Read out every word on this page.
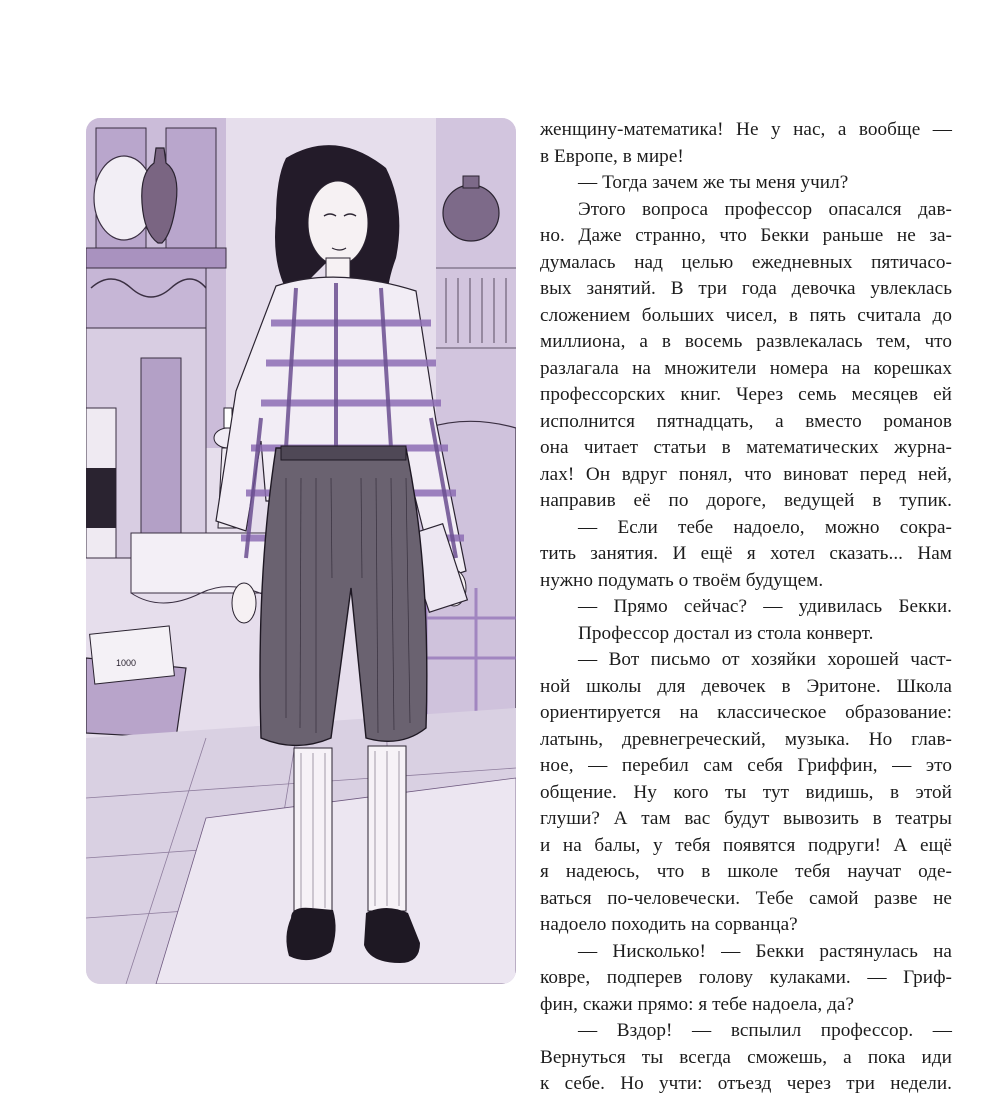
1000
женщину-математика! Не у нас, а вообще —
в Европе, в мире!
— Тогда зачем же ты меня учил?
Этого вопроса профессор опасался дав-
но. Даже странно, что Бекки раньше не за-
думалась над целью ежедневных пятичасо-
вых занятий. В три года девочка увлеклась
сложением больших чисел, в пять считала до
миллиона, а в восемь развлекалась тем, что
разлагала на множители номера на корешках
профессорских книг. Через семь месяцев ей
исполнится пятнадцать, а вместо романов
она читает статьи в математических журна-
лах! Он вдруг понял, что виноват перед ней,
направив её по дороге, ведущей в тупик.
— Если тебе надоело, можно сокра-
тить занятия. И ещё я хотел сказать... Нам
нужно подумать о твоём будущем.
— Прямо сейчас? — удивилась Бекки.
Профессор достал из стола конверт.
— Вот письмо от хозяйки хорошей част-
ной школы для девочек в Эритоне. Школа
ориентируется на классическое образование:
латынь, древнегреческий, музыка. Но глав-
ное, — перебил сам себя Гриффин, — это
общение. Ну кого ты тут видишь, в этой
глуши? А там вас будут вывозить в театры
и на балы, у тебя появятся подруги! А ещё
я надеюсь, что в школе тебя научат оде-
ваться по-человечески. Тебе самой разве не
надоело походить на сорванца?
— Нисколько! — Бекки растянулась на
ковре, подперев голову кулаками. — Гриф-
фин, скажи прямо: я тебе надоела, да?
— Вздор! — вспылил профессор. —
Вернуться ты всегда сможешь, а пока иди
к себе. Но учти: отъезд через три недели.
